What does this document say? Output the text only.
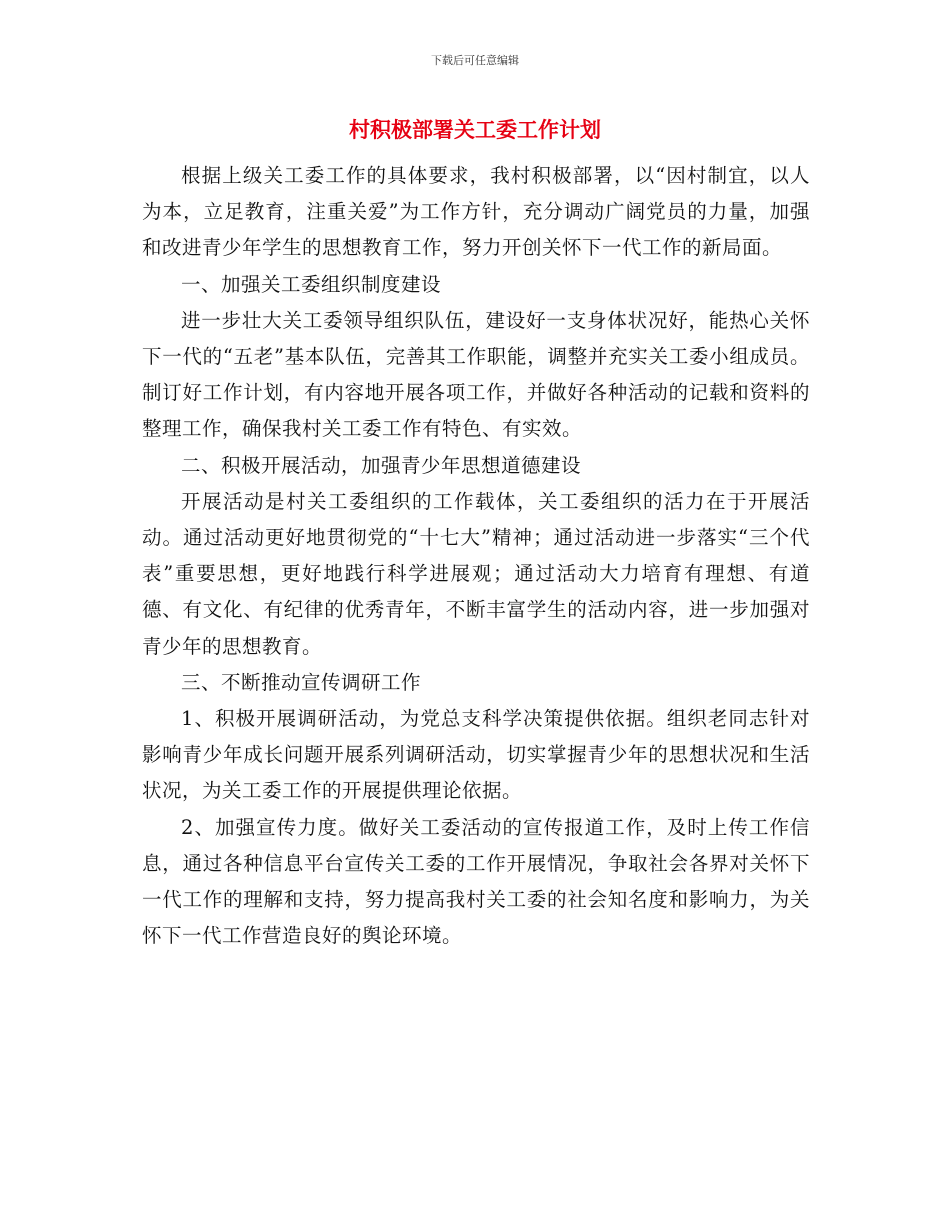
下载后可任意编辑
村积极部署关工委工作计划

根据上级关工委工作的具体要求，我村积极部署，以“因村制宜，以人为本，立足教育，注重关爱”为工作方针，充分调动广阔党员的力量，加强和改进青少年学生的思想教育工作，努力开创关怀下一代工作的新局面。

一、加强关工委组织制度建设

进一步壮大关工委领导组织队伍，建设好一支身体状况好，能热心关怀下一代的“五老”基本队伍，完善其工作职能，调整并充实关工委小组成员。制订好工作计划，有内容地开展各项工作，并做好各种活动的记载和资料的整理工作，确保我村关工委工作有特色、有实效。

二、积极开展活动，加强青少年思想道德建设

开展活动是村关工委组织的工作载体，关工委组织的活力在于开展活动。通过活动更好地贯彻党的“十七大”精神；通过活动进一步落实“三个代表”重要思想，更好地践行科学进展观；通过活动大力培育有理想、有道德、有文化、有纪律的优秀青年，不断丰富学生的活动内容，进一步加强对青少年的思想教育。

三、不断推动宣传调研工作

1、积极开展调研活动，为党总支科学决策提供依据。组织老同志针对影响青少年成长问题开展系列调研活动，切实掌握青少年的思想状况和生活状况，为关工委工作的开展提供理论依据。

2、加强宣传力度。做好关工委活动的宣传报道工作，及时上传工作信息，通过各种信息平台宣传关工委的工作开展情况，争取社会各界对关怀下一代工作的理解和支持，努力提高我村关工委的社会知名度和影响力，为关怀下一代工作营造良好的舆论环境。
